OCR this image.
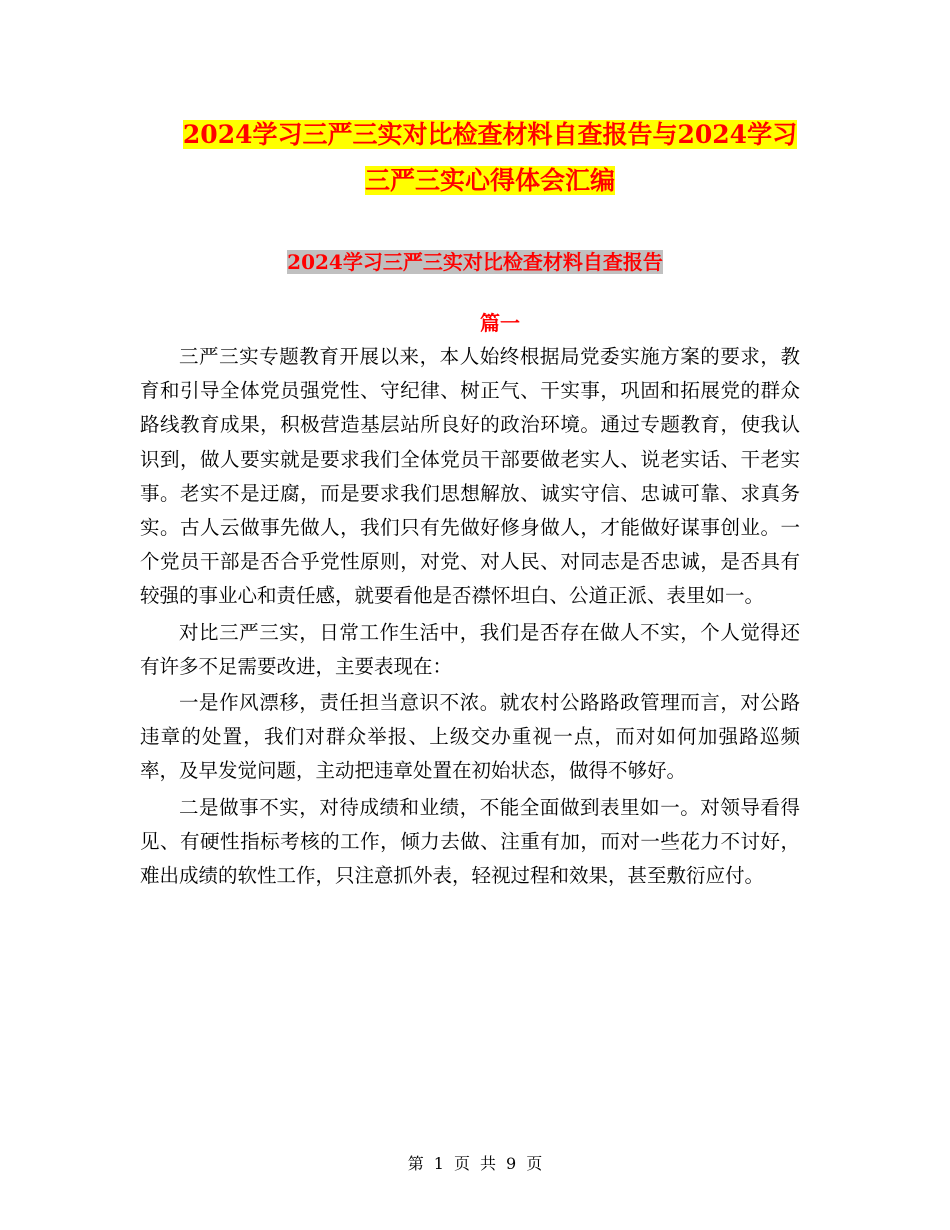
2024学习三严三实对比检查材料自查报告与2024学习
三严三实心得体会汇编
2024学习三严三实对比检查材料自查报告
篇一

三严三实专题教育开展以来，本人始终根据局党委实施方案的要求，教育和引导全体党员强党性、守纪律、树正气、干实事，巩固和拓展党的群众路线教育成果，积极营造基层站所良好的政治环境。通过专题教育，使我认识到，做人要实就是要求我们全体党员干部要做老实人、说老实话、干老实事。老实不是迂腐，而是要求我们思想解放、诚实守信、忠诚可靠、求真务实。古人云做事先做人，我们只有先做好修身做人，才能做好谋事创业。一个党员干部是否合乎党性原则，对党、对人民、对同志是否忠诚，是否具有较强的事业心和责任感，就要看他是否襟怀坦白、公道正派、表里如一。

对比三严三实，日常工作生活中，我们是否存在做人不实，个人觉得还有许多不足需要改进，主要表现在：

一是作风漂移，责任担当意识不浓。就农村公路路政管理而言，对公路违章的处置，我们对群众举报、上级交办重视一点，而对如何加强路巡频率，及早发觉问题，主动把违章处置在初始状态，做得不够好。

二是做事不实，对待成绩和业绩，不能全面做到表里如一。对领导看得见、有硬性指标考核的工作，倾力去做、注重有加，而对一些花力不讨好，难出成绩的软性工作，只注意抓外表，轻视过程和效果，甚至敷衍应付。

第 1 页 共 9 页
